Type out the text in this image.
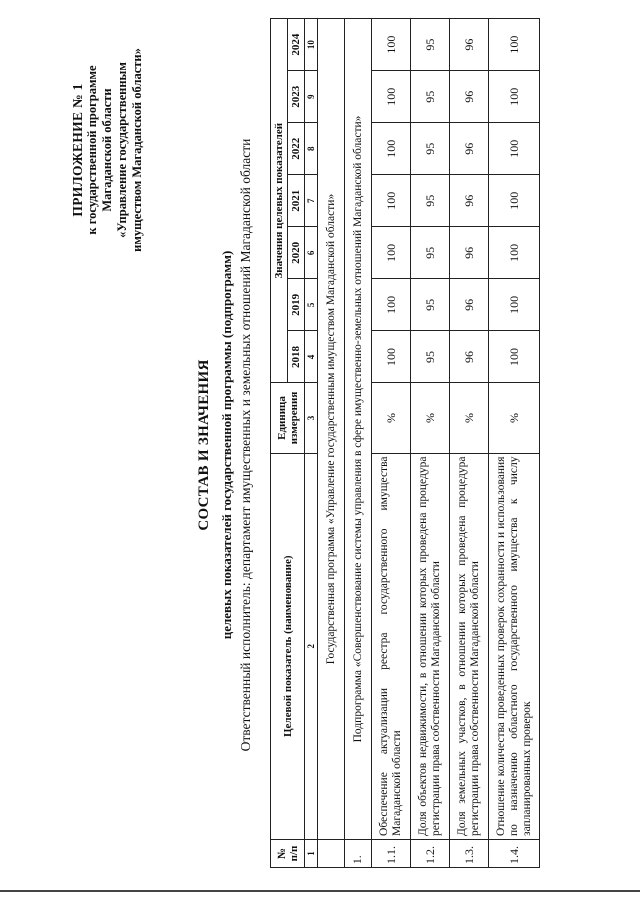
ПРИЛОЖЕНИЕ № 1 к государственной программе Магаданской области «Управление государственным имуществом Магаданской области»
СОСТАВ И ЗНАЧЕНИЯ целевых показателей государственной программы (подпрограмм) Ответственный исполнитель: департамент имущественных и земельных отношений Магаданской области
№ п/п	Целевой показатель (наименование)	Единица измерения	Значения целевых показателей						
			2018	2019	2020	2021	2022	2023	2024
1	2	3	4	5	6	7	8	9	10
	Государственная программа «Управление государственным имуществом Магаданской области»								
1.	Подпрограмма «Совершенствование системы управления в сфере имущественно-земельных отношений Магаданской области»								
1.1.	Обеспечение актуализации реестра государственного имущества Магаданской области	%	100	100	100	100	100	100	100
1.2.	Доля объектов недвижимости, в отношении которых проведена процедура регистрации права собственности Магаданской области	%	95	95	95	95	95	95	95
1.3.	Доля земельных участков, в отношении которых проведена процедура регистрации права собственности Магаданской области	%	96	96	96	96	96	96	96
1.4.	Отношение количества проведенных проверок сохранности и использования по назначению областного государственного имущества к числу запланированных проверок	%	100	100	100	100	100	100	100
